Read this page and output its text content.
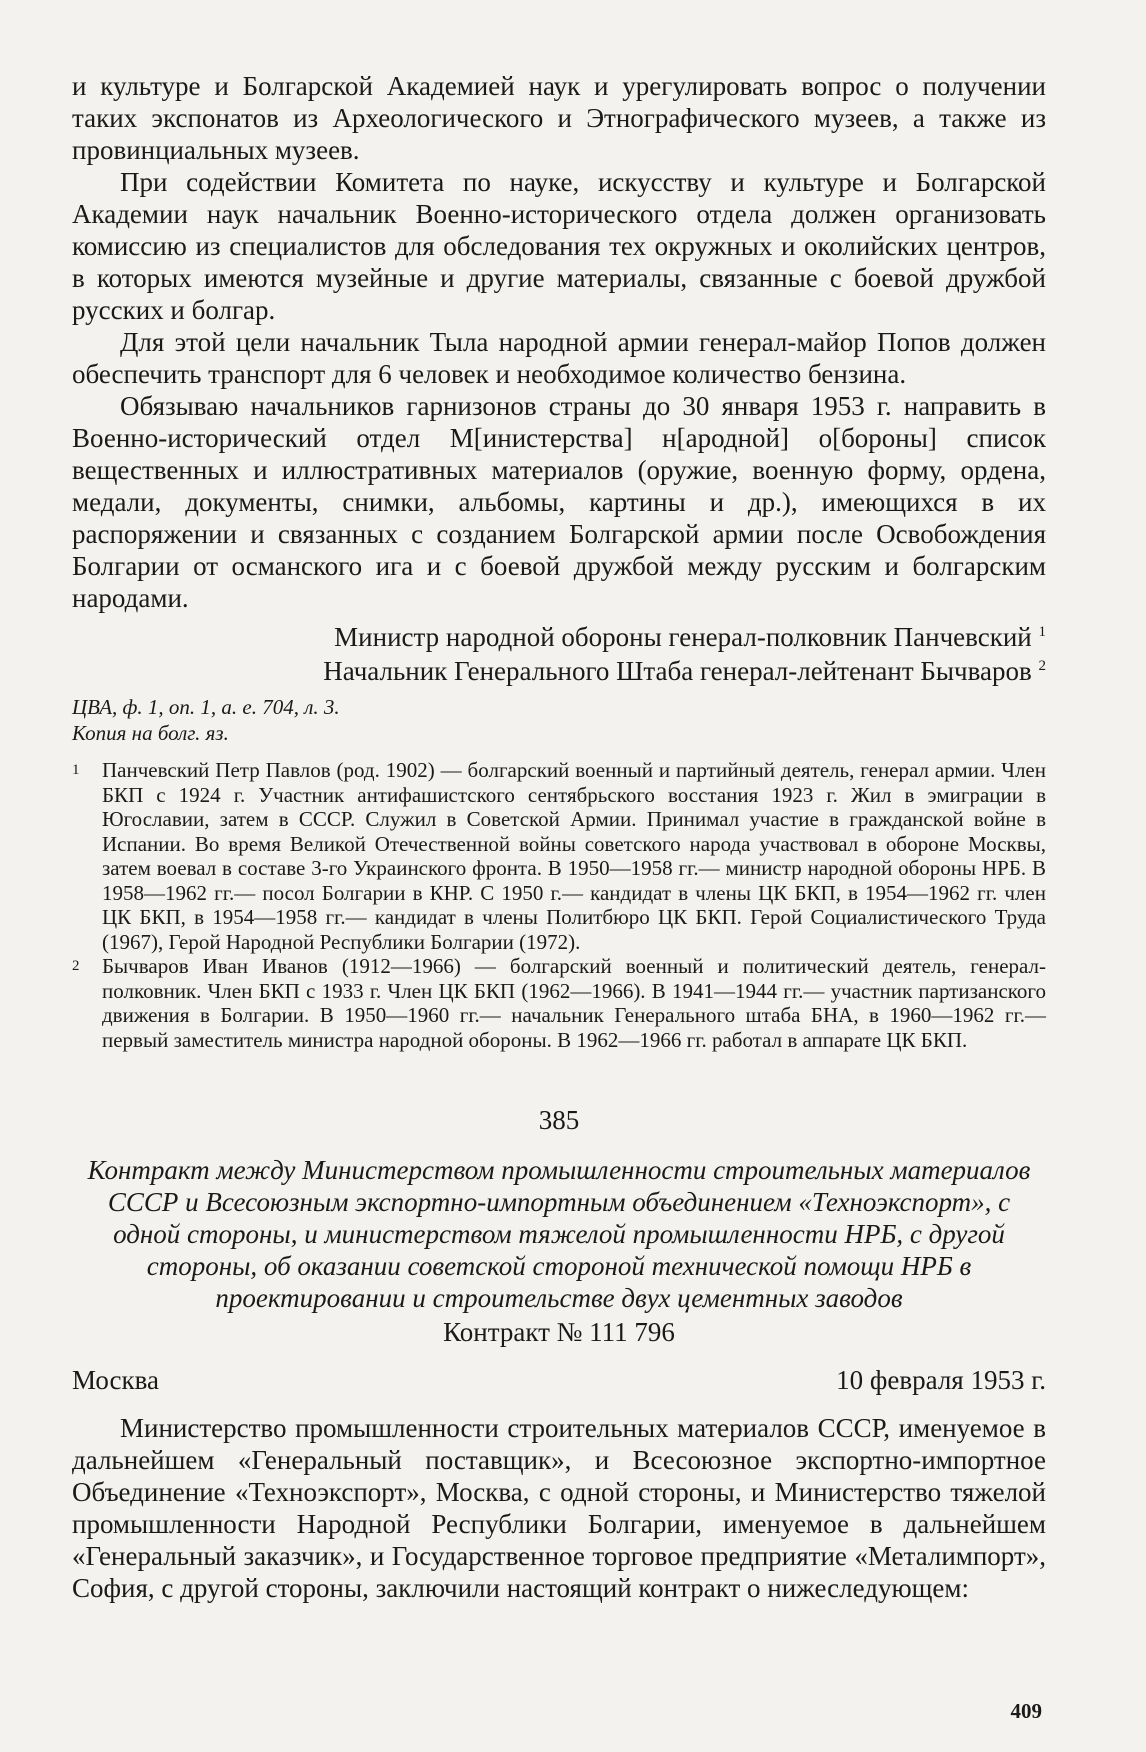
и культуре и Болгарской Академией наук и урегулировать вопрос о получении таких экспонатов из Археологического и Этнографического музеев, а также из провинциальных музеев.

При содействии Комитета по науке, искусству и культуре и Болгарской Академии наук начальник Военно-исторического отдела должен организовать комиссию из специалистов для обследования тех окружных и околийских центров, в которых имеются музейные и другие материалы, связанные с боевой дружбой русских и болгар.

Для этой цели начальник Тыла народной армии генерал-майор Попов должен обеспечить транспорт для 6 человек и необходимое количество бензина.

Обязываю начальников гарнизонов страны до 30 января 1953 г. направить в Военно-исторический отдел М[инистерства] н[ародной] о[бороны] список вещественных и иллюстративных материалов (оружие, военную форму, ордена, медали, документы, снимки, альбомы, картины и др.), имеющихся в их распоряжении и связанных с созданием Болгарской армии после Освобождения Болгарии от османского ига и с боевой дружбой между русским и болгарским народами.

Министр народной обороны генерал-полковник Панчевский $^1$
Начальник Генерального Штаба генерал-лейтенант Бычваров $^2$
ЦВА, ф. 1, оп. 1, а. е. 704, л. 3.
Копия на болг. яз.
1	Панчевский Петр Павлов (род. 1902) — болгарский военный и партийный деятель, генерал армии. Член БКП с 1924 г. Участник антифашистского сентябрьского восстания 1923 г. Жил в эмиграции в Югославии, затем в СССР. Служил в Советской Армии. Принимал участие в гражданской войне в Испании. Во время Великой Отечественной войны советского народа участвовал в обороне Москвы, затем воевал в составе 3-го Украинского фронта. В 1950—1958 гг.— министр народной обороны НРБ. В 1958—1962 гг.— посол Болгарии в КНР. С 1950 г.— кандидат в члены ЦК БКП, в 1954—1962 гг. член ЦК БКП, в 1954—1958 гг.— кандидат в члены Политбюро ЦК БКП. Герой Социалистического Труда (1967), Герой Народной Республики Болгарии (1972).
2	Бычваров Иван Иванов (1912—1966) — болгарский военный и политический деятель, генерал-полковник. Член БКП с 1933 г. Член ЦК БКП (1962—1966). В 1941—1944 гг.— участник партизанского движения в Болгарии. В 1950—1960 гг.— начальник Генерального штаба БНА, в 1960—1962 гг.— первый заместитель министра народной обороны. В 1962—1966 гг. работал в аппарате ЦК БКП.
385
Контракт между Министерством промышленности строительных материалов СССР и Всесоюзным экспортно-импортным объединением «Техноэкспорт», с одной стороны, и министерством тяжелой промышленности НРБ, с другой стороны, об оказании советской стороной технической помощи НРБ в проектировании и строительстве двух цементных заводов
Контракт № 111 796
Москва	10 февраля 1953 г.

Министерство промышленности строительных материалов СССР, именуемое в дальнейшем «Генеральный поставщик», и Всесоюзное экспортно-импортное Объединение «Техноэкспорт», Москва, с одной стороны, и Министерство тяжелой промышленности Народной Республики Болгарии, именуемое в дальнейшем «Генеральный заказчик», и Государственное торговое предприятие «Металимпорт», София, с другой стороны, заключили настоящий контракт о нижеследующем:

409
